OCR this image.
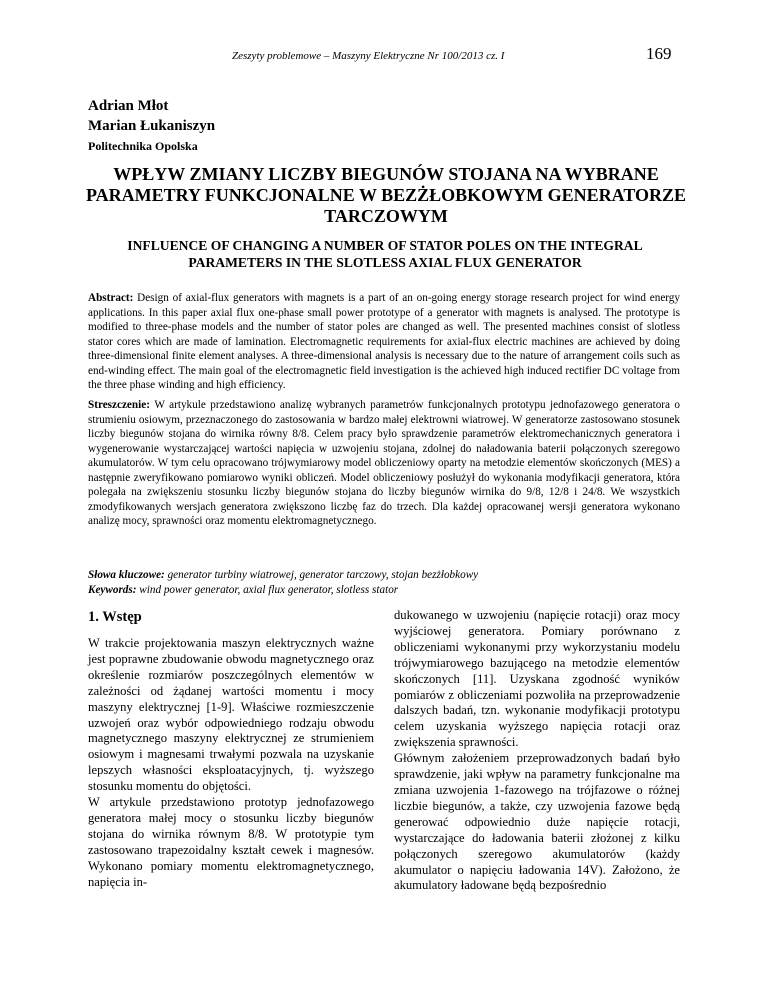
Zeszyty problemowe – Maszyny Elektryczne Nr 100/2013 cz. I	169
Adrian Młot
Marian Łukaniszyn
Politechnika Opolska
WPŁYW ZMIANY LICZBY BIEGUNÓW STOJANA NA WYBRANE PARAMETRY FUNKCJONALNE W BEZŻŁOBKOWYM GENERATORZE TARCZOWYM
INFLUENCE OF CHANGING A NUMBER OF STATOR POLES ON THE INTEGRAL PARAMETERS IN THE SLOTLESS AXIAL FLUX GENERATOR
Abstract: Design of axial-flux generators with magnets is a part of an on-going energy storage research project for wind energy applications. In this paper axial flux one-phase small power prototype of a generator with magnets is analysed. The prototype is modified to three-phase models and the number of stator poles are changed as well. The presented machines consist of slotless stator cores which are made of lamination. Electromagnetic requirements for axial-flux electric machines are achieved by doing three-dimensional finite element analyses. A three-dimensional analysis is necessary due to the nature of arrangement coils such as end-winding effect. The main goal of the electromagnetic field investigation is the achieved high induced rectifier DC voltage from the three phase winding and high efficiency.
Streszczenie: W artykule przedstawiono analizę wybranych parametrów funkcjonalnych prototypu jednofazowego generatora o strumieniu osiowym, przeznaczonego do zastosowania w bardzo małej elektrowni wiatrowej. W generatorze zastosowano stosunek liczby biegunów stojana do wirnika równy 8/8. Celem pracy było sprawdzenie parametrów elektromechanicznych generatora i wygenerowanie wystarczającej wartości napięcia w uzwojeniu stojana, zdolnej do naładowania baterii połączonych szeregowo akumulatorów. W tym celu opracowano trójwymiarowy model obliczeniowy oparty na metodzie elementów skończonych (MES) a następnie zweryfikowano pomiarowo wyniki obliczeń. Model obliczeniowy posłużył do wykonania modyfikacji generatora, która polegała na zwiększeniu stosunku liczby biegunów stojana do liczby biegunów wirnika do 9/8, 12/8 i 24/8. We wszystkich zmodyfikowanych wersjach generatora zwiększono liczbę faz do trzech. Dla każdej opracowanej wersji generatora wykonano analizę mocy, sprawności oraz momentu elektromagnetycznego.
Słowa kluczowe: generator turbiny wiatrowej, generator tarczowy, stojan bezżłobkowy
Keywords: wind power generator, axial flux generator, slotless stator
1. Wstęp

W trakcie projektowania maszyn elektrycznych ważne jest poprawne zbudowanie obwodu magnetycznego oraz określenie rozmiarów poszczególnych elementów w zależności od żądanej wartości momentu i mocy maszyny elektrycznej [1-9]. Właściwe rozmieszczenie uzwojeń oraz wybór odpowiedniego rodzaju obwodu magnetycznego maszyny elektrycznej ze strumieniem osiowym i magnesami trwałymi pozwala na uzyskanie lepszych własności eksploatacyjnych, tj. wyższego stosunku momentu do objętości.

W artykule przedstawiono prototyp jednofazowego generatora małej mocy o stosunku liczby biegunów stojana do wirnika równym 8/8. W prototypie tym zastosowano trapezoidalny kształt cewek i magnesów. Wykonano pomiary momentu elektromagnetycznego, napięcia in-

dukowanego w uzwojeniu (napięcie rotacji) oraz mocy wyjściowej generatora. Pomiary porównano z obliczeniami wykonanymi przy wykorzystaniu modelu trójwymiarowego bazującego na metodzie elementów skończonych [11]. Uzyskana zgodność wyników pomiarów z obliczeniami pozwoliła na przeprowadzenie dalszych badań, tzn. wykonanie modyfikacji prototypu celem uzyskania wyższego napięcia rotacji oraz zwiększenia sprawności.

Głównym założeniem przeprowadzonych badań było sprawdzenie, jaki wpływ na parametry funkcjonalne ma zmiana uzwojenia 1-fazowego na trójfazowe o różnej liczbie biegunów, a także, czy uzwojenia fazowe będą generować odpowiednio duże napięcie rotacji, wystarczające do ładowania baterii złożonej z kilku połączonych szeregowo akumulatorów (każdy akumulator o napięciu ładowania 14V). Założono, że akumulatory ładowane będą bezpośrednio
